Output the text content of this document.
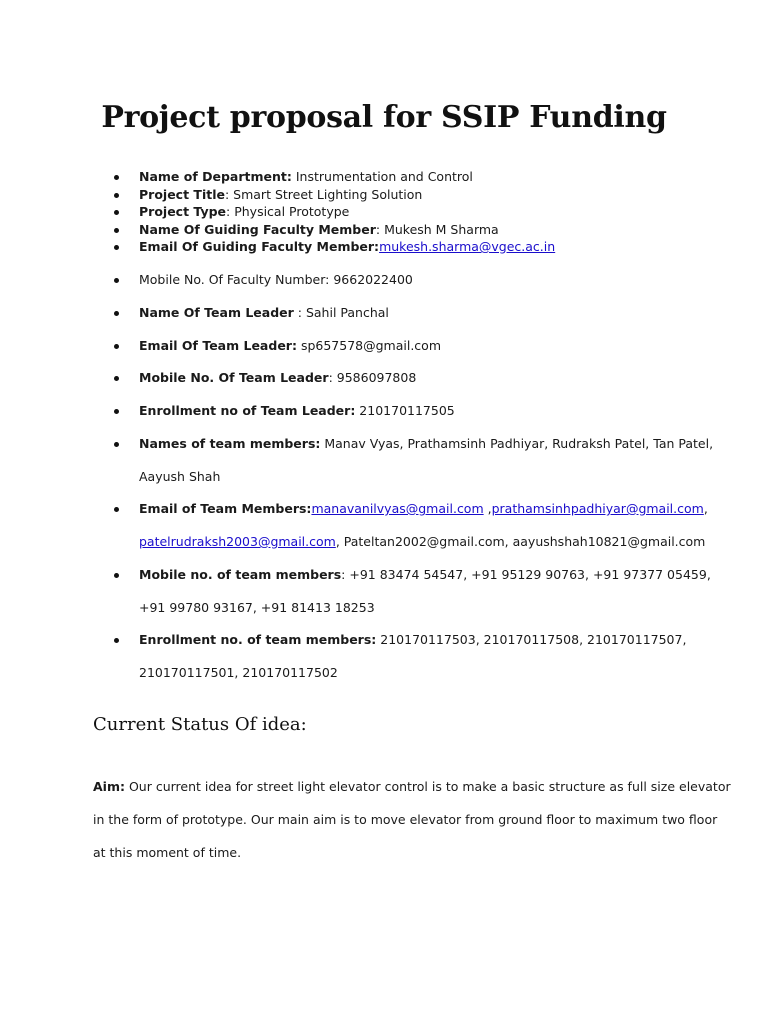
Project proposal for SSIP Funding
Name of Department: Instrumentation and Control
Project Title: Smart Street Lighting Solution
Project Type: Physical Prototype
Name Of Guiding Faculty Member: Mukesh M Sharma
Email Of Guiding Faculty Member:mukesh.sharma@vgec.ac.in
Mobile No. Of Faculty Number: 9662022400
Name Of Team Leader : Sahil Panchal
Email Of Team Leader: sp657578@gmail.com
Mobile No. Of Team Leader: 9586097808
Enrollment no of Team Leader: 210170117505
Names of team members: Manav Vyas, Prathamsinh Padhiyar, Rudraksh Patel, Tan Patel,
Aayush Shah
Email of Team Members:manavanilvyas@gmail.com ,prathamsinhpadhiyar@gmail.com,
patelrudraksh2003@gmail.com, Pateltan2002@gmail.com, aayushshah10821@gmail.com
Mobile no. of team members: +91 83474 54547, +91 95129 90763, +91 97377 05459,
+91 99780 93167, +91 81413 18253
Enrollment no. of team members: 210170117503, 210170117508, 210170117507,
210170117501, 210170117502
Current Status Of idea:
Aim: Our current idea for street light elevator control is to make a basic structure as full size elevator
in the form of prototype. Our main aim is to move elevator from ground floor to maximum two floor
at this moment of time.
